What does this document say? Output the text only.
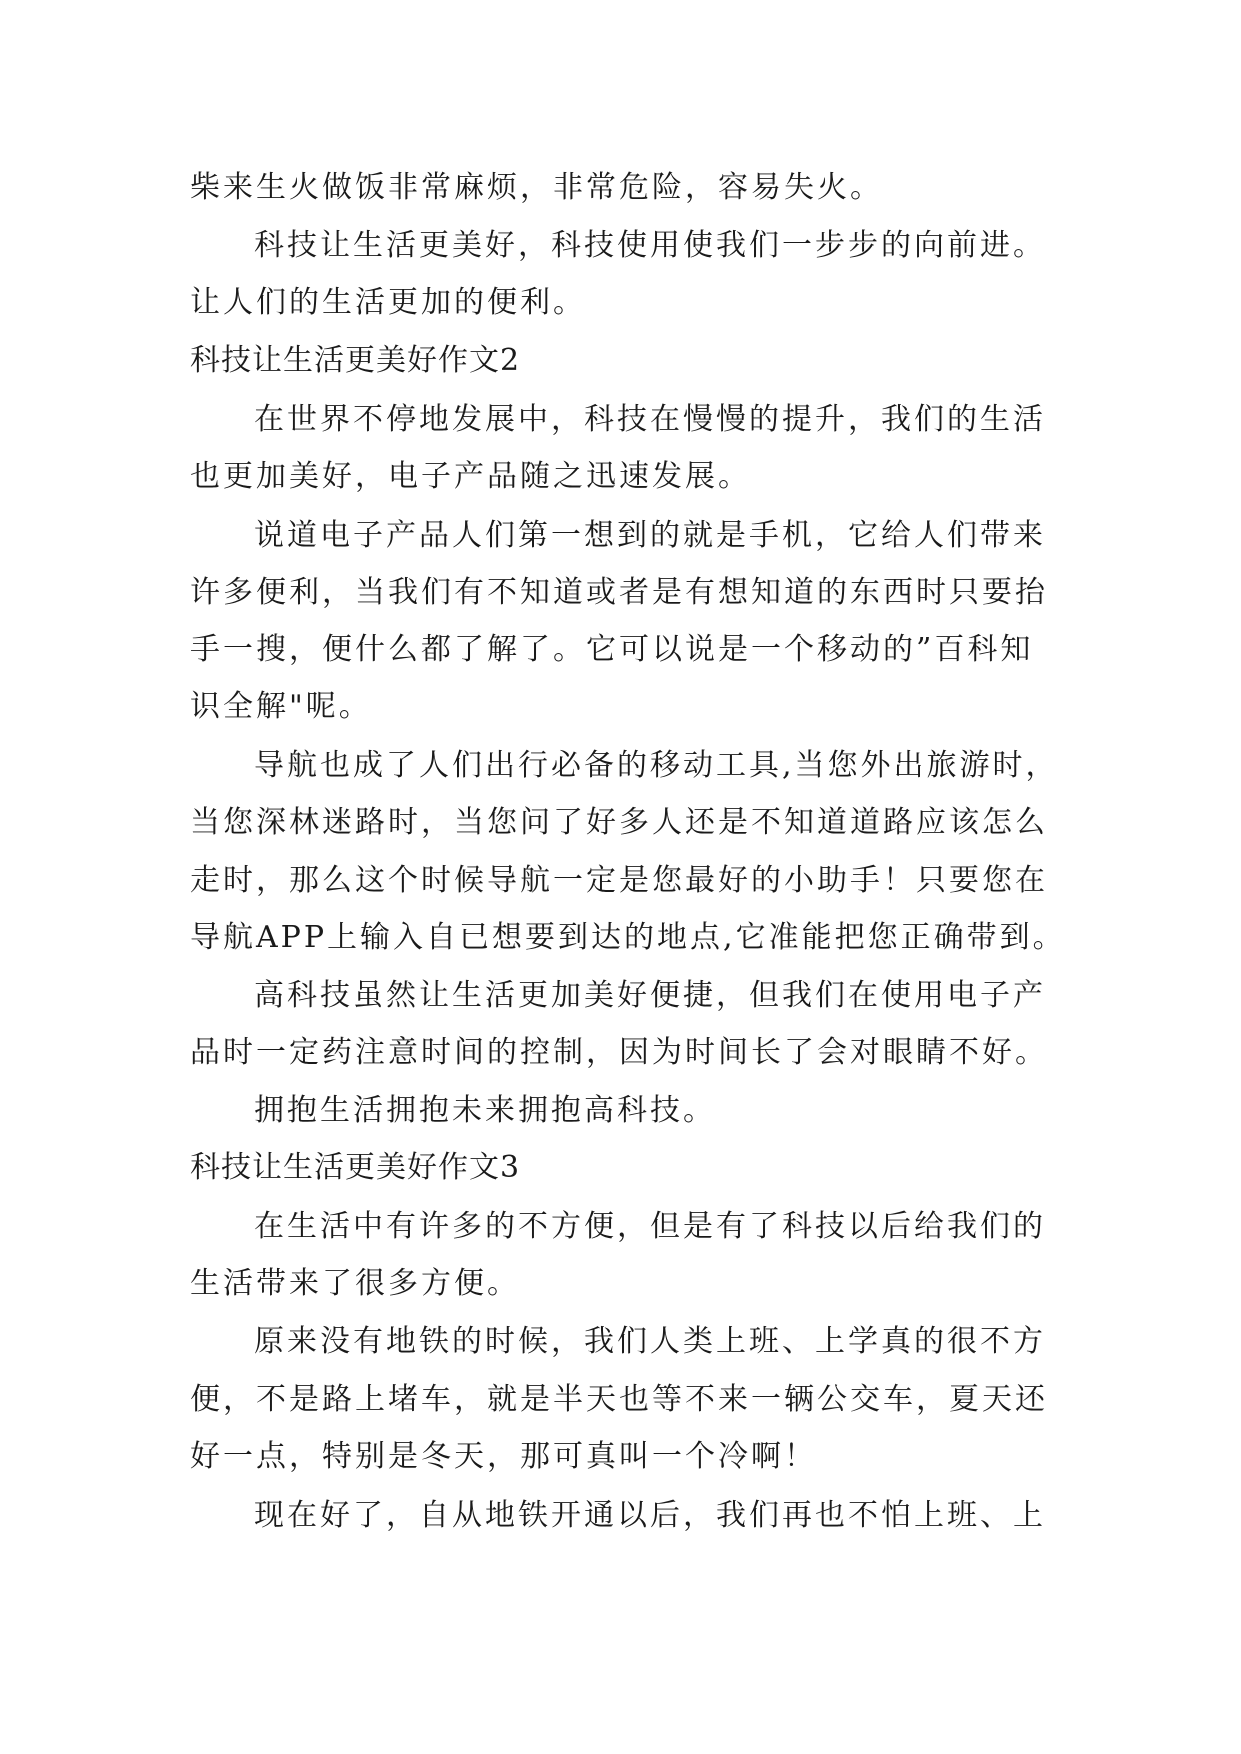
柴来生火做饭非常麻烦，非常危险，容易失火。
科技让生活更美好，科技使用使我们一步步的向前进。
让人们的生活更加的便利。
科技让生活更美好作文2
在世界不停地发展中，科技在慢慢的提升，我们的生活
也更加美好，电子产品随之迅速发展。
说道电子产品人们第一想到的就是手机，它给人们带来
许多便利，当我们有不知道或者是有想知道的东西时只要抬
手一搜，便什么都了解了。它可以说是一个移动的”百科知
识全解"呢。
导航也成了人们出行必备的移动工具,当您外出旅游时，
当您深林迷路时，当您问了好多人还是不知道道路应该怎么
走时，那么这个时候导航一定是您最好的小助手！只要您在
导航APP上输入自已想要到达的地点,它准能把您正确带到。
高科技虽然让生活更加美好便捷，但我们在使用电子产
品时一定药注意时间的控制，因为时间长了会对眼睛不好。
拥抱生活拥抱未来拥抱高科技。
科技让生活更美好作文3
在生活中有许多的不方便，但是有了科技以后给我们的
生活带来了很多方便。
原来没有地铁的时候，我们人类上班、上学真的很不方
便，不是路上堵车，就是半天也等不来一辆公交车，夏天还
好一点，特别是冬天，那可真叫一个冷啊！
现在好了，自从地铁开通以后，我们再也不怕上班、上
